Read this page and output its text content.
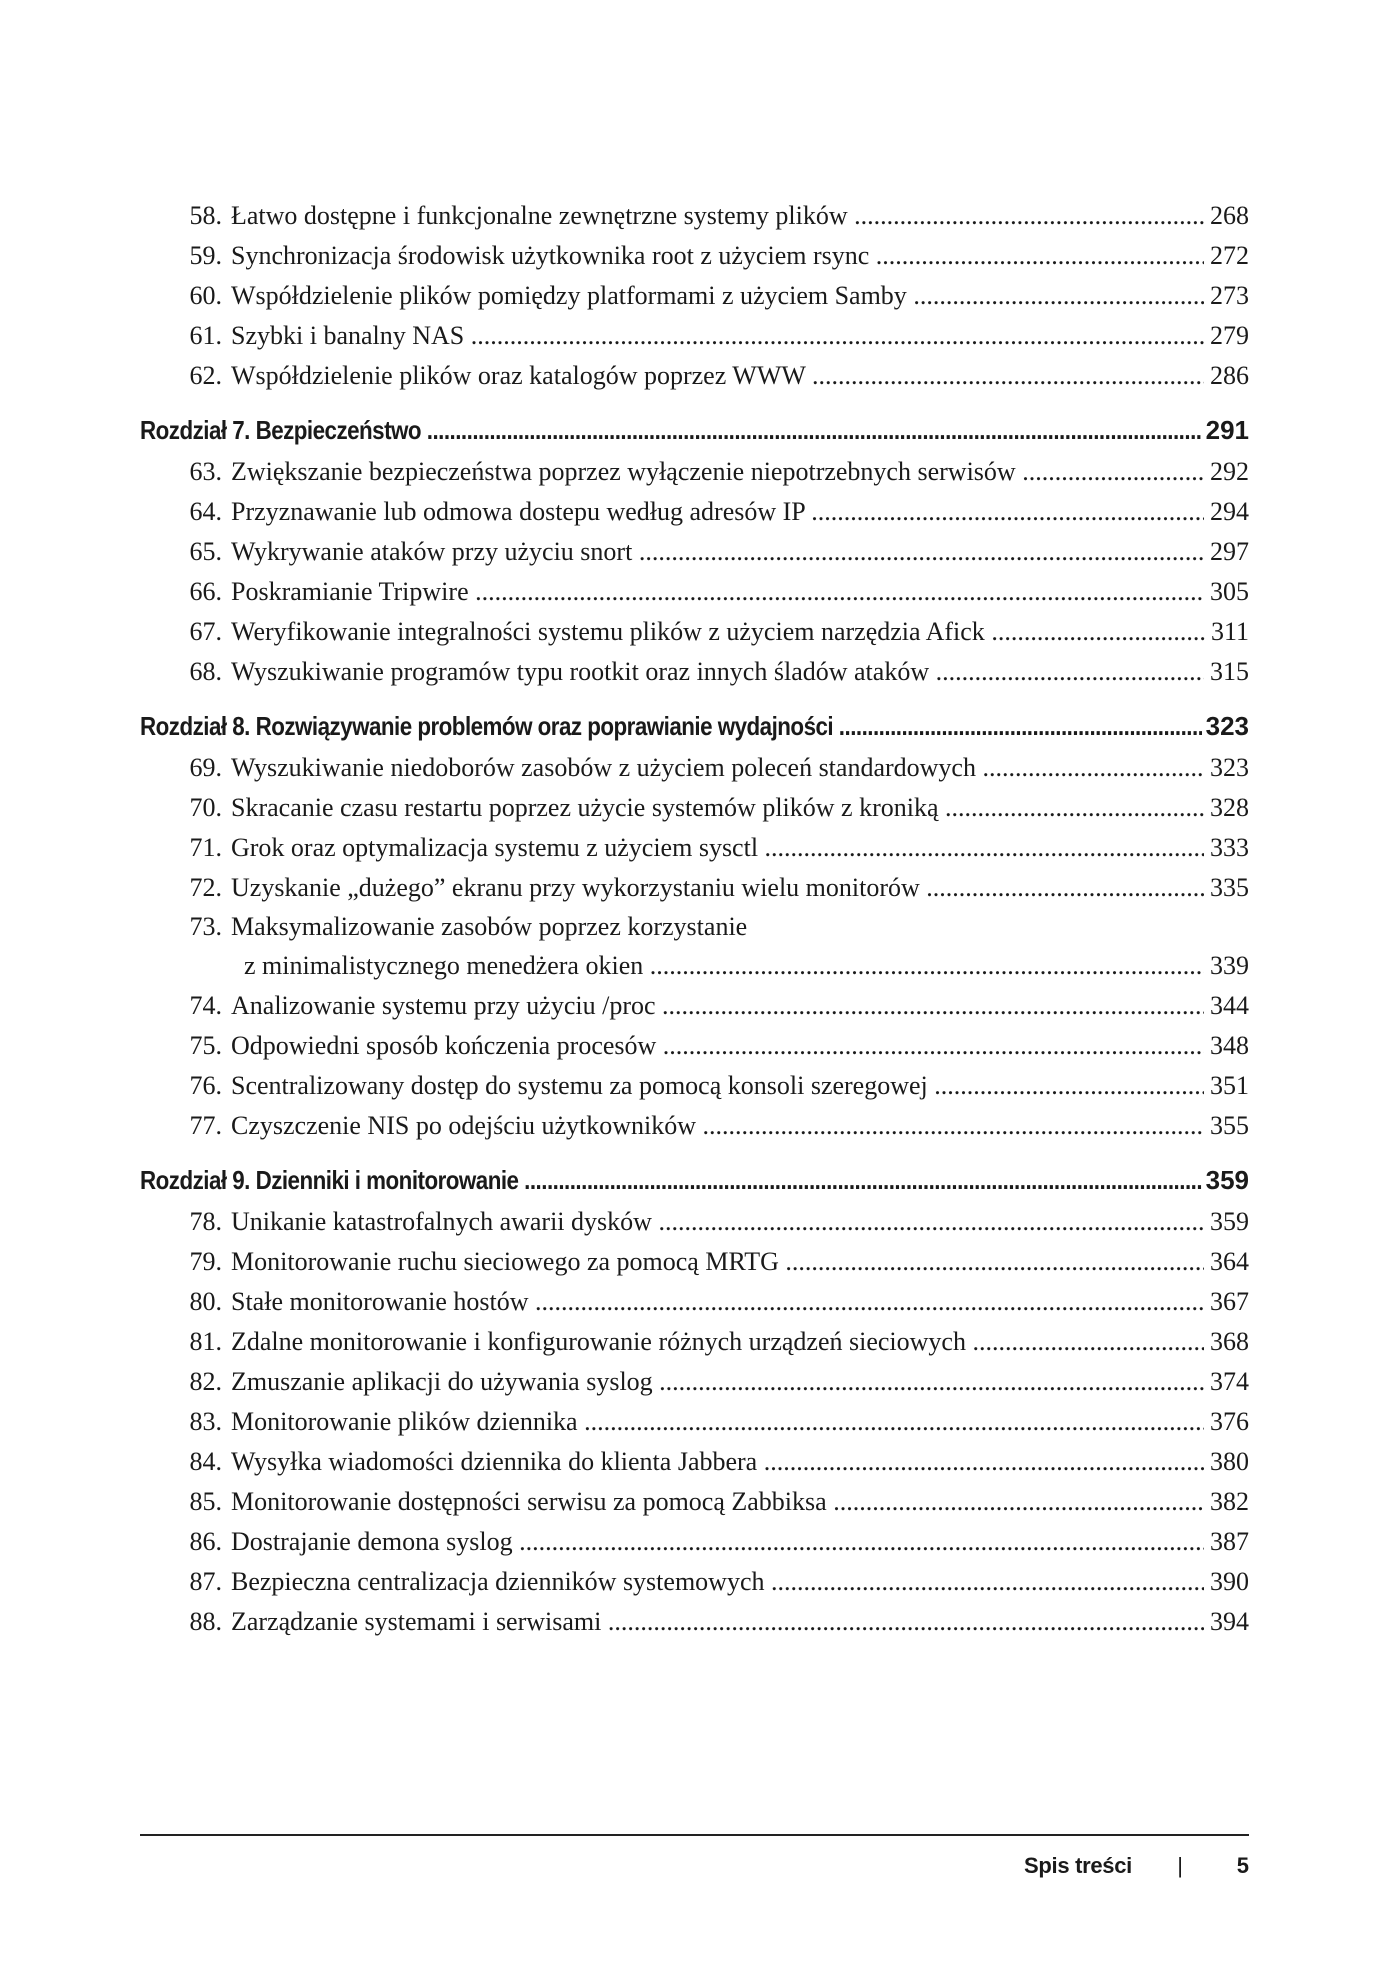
58. Łatwo dostępne i funkcjonalne zewnętrzne systemy plików .....	268
59. Synchronizacja środowisk użytkownika root z użyciem rsync .....	272
60. Współdzielenie plików pomiędzy platformami z użyciem Samby .....	273
61. Szybki i banalny NAS .....	279
62. Współdzielenie plików oraz katalogów poprzez WWW .....	286
Rozdział 7. Bezpieczeństwo .....	291
63. Zwiększanie bezpieczeństwa poprzez wyłączenie niepotrzebnych serwisów .....	292
64. Przyznawanie lub odmowa dostepu według adresów IP .....	294
65. Wykrywanie ataków przy użyciu snort .....	297
66. Poskramianie Tripwire .....	305
67. Weryfikowanie integralności systemu plików z użyciem narzędzia Afick .....	311
68. Wyszukiwanie programów typu rootkit oraz innych śladów ataków .....	315
Rozdział 8. Rozwiązywanie problemów oraz poprawianie wydajności .....	323
69. Wyszukiwanie niedoborów zasobów z użyciem poleceń standardowych .....	323
70. Skracanie czasu restartu poprzez użycie systemów plików z kroniką .....	328
71. Grok oraz optymalizacja systemu z użyciem sysctl .....	333
72. Uzyskanie „dużego” ekranu przy wykorzystaniu wielu monitorów .....	335
73. Maksymalizowanie zasobów poprzez korzystanie
z minimalistycznego menedżera okien .....	339
74. Analizowanie systemu przy użyciu /proc .....	344
75. Odpowiedni sposób kończenia procesów .....	348
76. Scentralizowany dostęp do systemu za pomocą konsoli szeregowej .....	351
77. Czyszczenie NIS po odejściu użytkowników .....	355
Rozdział 9. Dzienniki i monitorowanie .....	359
78. Unikanie katastrofalnych awarii dysków .....	359
79. Monitorowanie ruchu sieciowego za pomocą MRTG .....	364
80. Stałe monitorowanie hostów .....	367
81. Zdalne monitorowanie i konfigurowanie różnych urządzeń sieciowych .....	368
82. Zmuszanie aplikacji do używania syslog .....	374
83. Monitorowanie plików dziennika .....	376
84. Wysyłka wiadomości dziennika do klienta Jabbera .....	380
85. Monitorowanie dostępności serwisu za pomocą Zabbiksa .....	382
86. Dostrajanie demona syslog .....	387
87. Bezpieczna centralizacja dzienników systemowych .....	390
88. Zarządzanie systemami i serwisami .....	394
Spis treści | 5
